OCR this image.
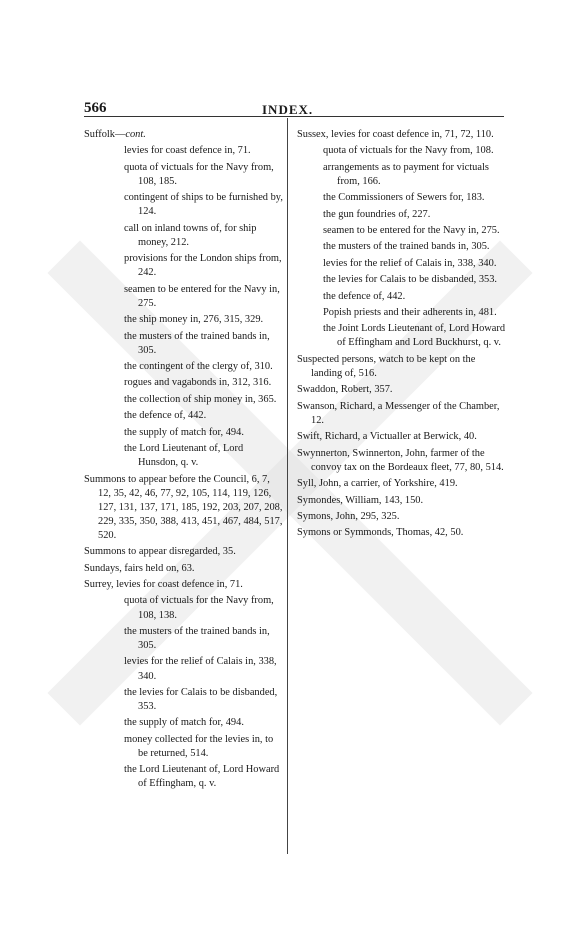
566	INDEX.
Suffolk—cont.
levies for coast defence in, 71.
quota of victuals for the Navy from, 108, 185.
contingent of ships to be furnished by, 124.
call on inland towns of, for ship money, 212.
provisions for the London ships from, 242.
seamen to be entered for the Navy in, 275.
the ship money in, 276, 315, 329.
the musters of the trained bands in, 305.
the contingent of the clergy of, 310.
rogues and vagabonds in, 312, 316.
the collection of ship money in, 365.
the defence of, 442.
the supply of match for, 494.
the Lord Lieutenant of, Lord Hunsdon, q. v.
Summons to appear before the Council, 6, 7, 12, 35, 42, 46, 77, 92, 105, 114, 119, 126, 127, 131, 137, 171, 185, 192, 203, 207, 208, 229, 335, 350, 388, 413, 451, 467, 484, 517, 520.
Summons to appear disregarded, 35.
Sundays, fairs held on, 63.
Surrey, levies for coast defence in, 71.
quota of victuals for the Navy from, 108, 138.
the musters of the trained bands in, 305.
levies for the relief of Calais in, 338, 340.
the levies for Calais to be disbanded, 353.
the supply of match for, 494.
money collected for the levies in, to be returned, 514.
the Lord Lieutenant of, Lord Howard of Effingham, q. v.
Sussex, levies for coast defence in, 71, 72, 110.
quota of victuals for the Navy from, 108.
arrangements as to payment for victuals from, 166.
the Commissioners of Sewers for, 183.
the gun foundries of, 227.
seamen to be entered for the Navy in, 275.
the musters of the trained bands in, 305.
levies for the relief of Calais in, 338, 340.
the levies for Calais to be disbanded, 353.
the defence of, 442.
Popish priests and their adherents in, 481.
the Joint Lords Lieutenant of, Lord Howard of Effingham and Lord Buckhurst, q. v.
Suspected persons, watch to be kept on the landing of, 516.
Swaddon, Robert, 357.
Swanson, Richard, a Messenger of the Chamber, 12.
Swift, Richard, a Victualler at Berwick, 40.
Swynnerton, Swinnerton, John, farmer of the convoy tax on the Bordeaux fleet, 77, 80, 514.
Syll, John, a carrier, of Yorkshire, 419.
Symondes, William, 143, 150.
Symons, John, 295, 325.
Symons or Symmonds, Thomas, 42, 50.
